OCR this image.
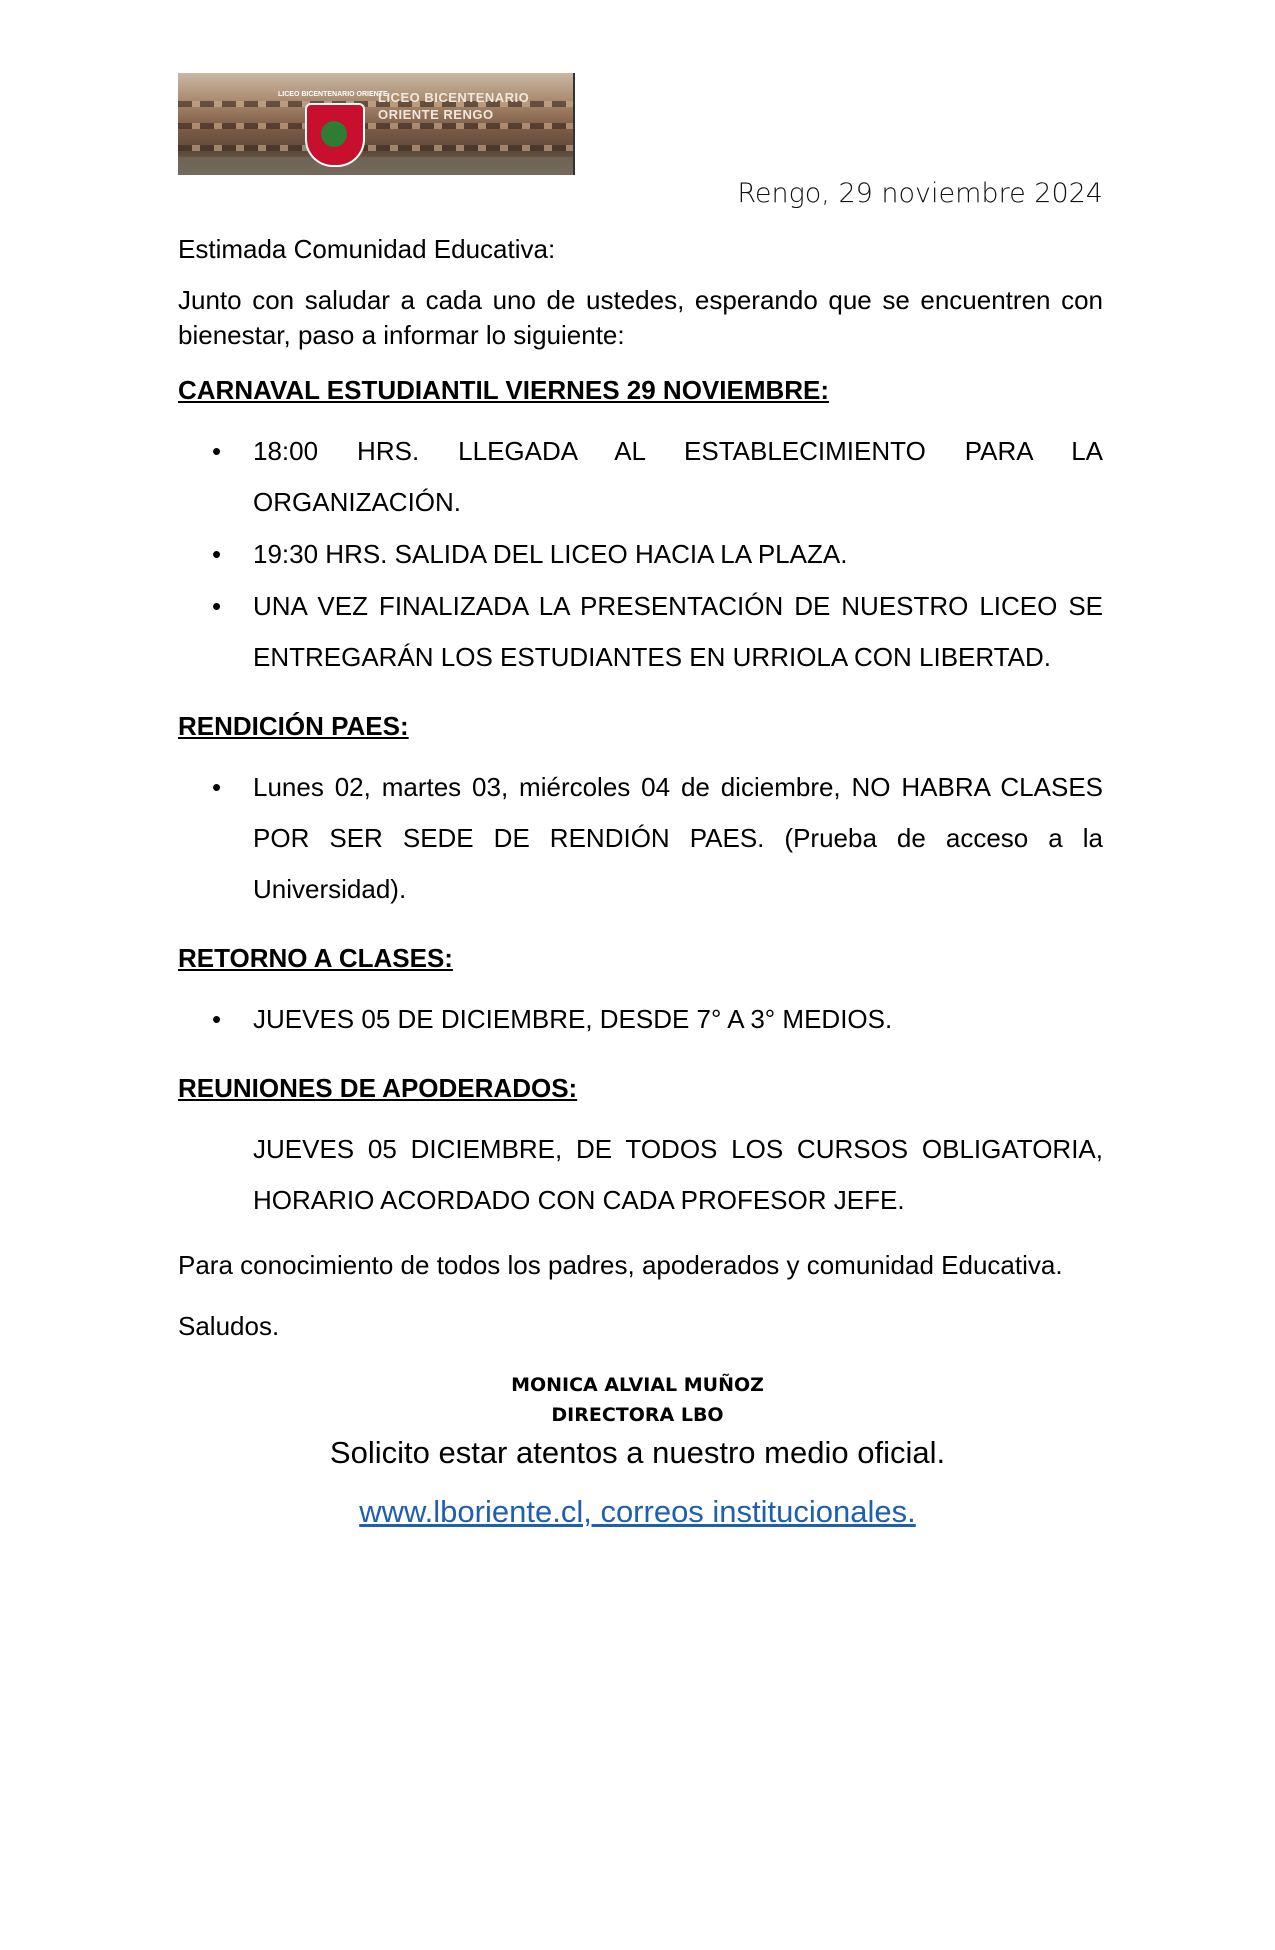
LICEO BICENTENARIO ORIENTE
LICEO BICENTENARIO
ORIENTE RENGO
Rengo, 29 noviembre 2024

Estimada Comunidad Educativa:

Junto con saludar a cada uno de ustedes, esperando que se encuentren con bienestar, paso a informar lo siguiente:

CARNAVAL ESTUDIANTIL VIERNES 29 NOVIEMBRE:

• 18:00 HRS. LLEGADA AL ESTABLECIMIENTO PARA LA ORGANIZACIÓN.
• 19:30 HRS. SALIDA DEL LICEO HACIA LA PLAZA.
• UNA VEZ FINALIZADA LA PRESENTACIÓN DE NUESTRO LICEO SE ENTREGARÁN LOS ESTUDIANTES EN URRIOLA CON LIBERTAD.

RENDICIÓN PAES:

• Lunes 02, martes 03, miércoles 04 de diciembre, NO HABRA CLASES POR SER SEDE DE RENDIÓN PAES. (Prueba de acceso a la Universidad).

RETORNO A CLASES:

• JUEVES 05 DE DICIEMBRE, DESDE 7° A 3° MEDIOS.

REUNIONES DE APODERADOS:

JUEVES 05 DICIEMBRE, DE TODOS LOS CURSOS OBLIGATORIA, HORARIO ACORDADO CON CADA PROFESOR JEFE.

Para conocimiento de todos los padres, apoderados y comunidad Educativa.

Saludos.

MONICA ALVIAL MUÑOZ
DIRECTORA LBO
Solicito estar atentos a nuestro medio oficial.
www.lboriente.cl, correos institucionales.
